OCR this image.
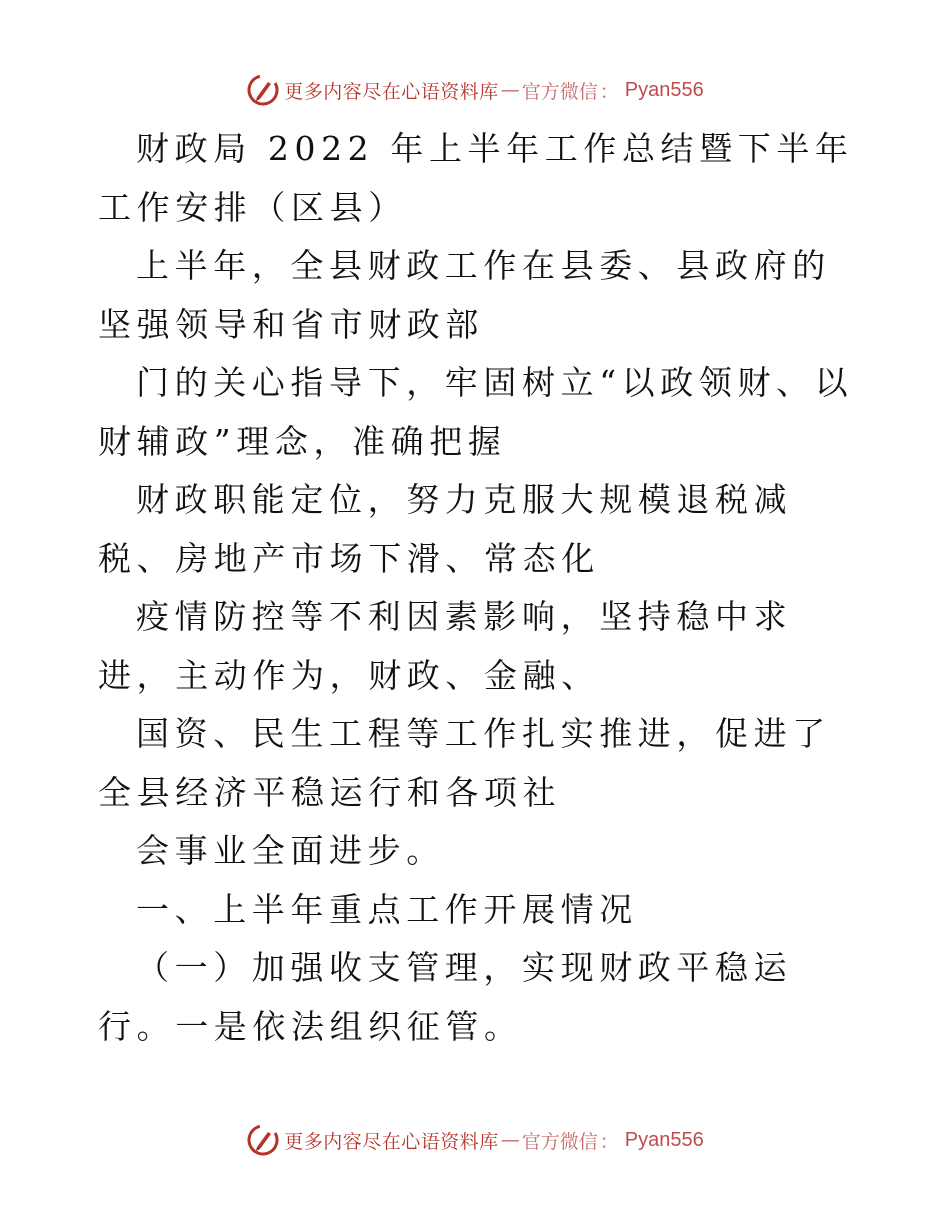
更多内容尽在心语资料库 — 官方微信 ： Pyan556

财政局 2022 年上半年工作总结暨下半年工作安排（区县）

上半年，全县财政工作在县委、县政府的坚强领导和省市财政部

门的关心指导下，牢固树立“以政领财、以财辅政”理念，准确把握

财政职能定位，努力克服大规模退税减税、房地产市场下滑、常态化

疫情防控等不利因素影响，坚持稳中求进，主动作为，财政、金融、

国资、民生工程等工作扎实推进，促进了全县经济平稳运行和各项社

会事业全面进步。

一、上半年重点工作开展情况

（一）加强收支管理，实现财政平稳运行。一是依法组织征管。

更多内容尽在心语资料库 — 官方微信 ： Pyan556
